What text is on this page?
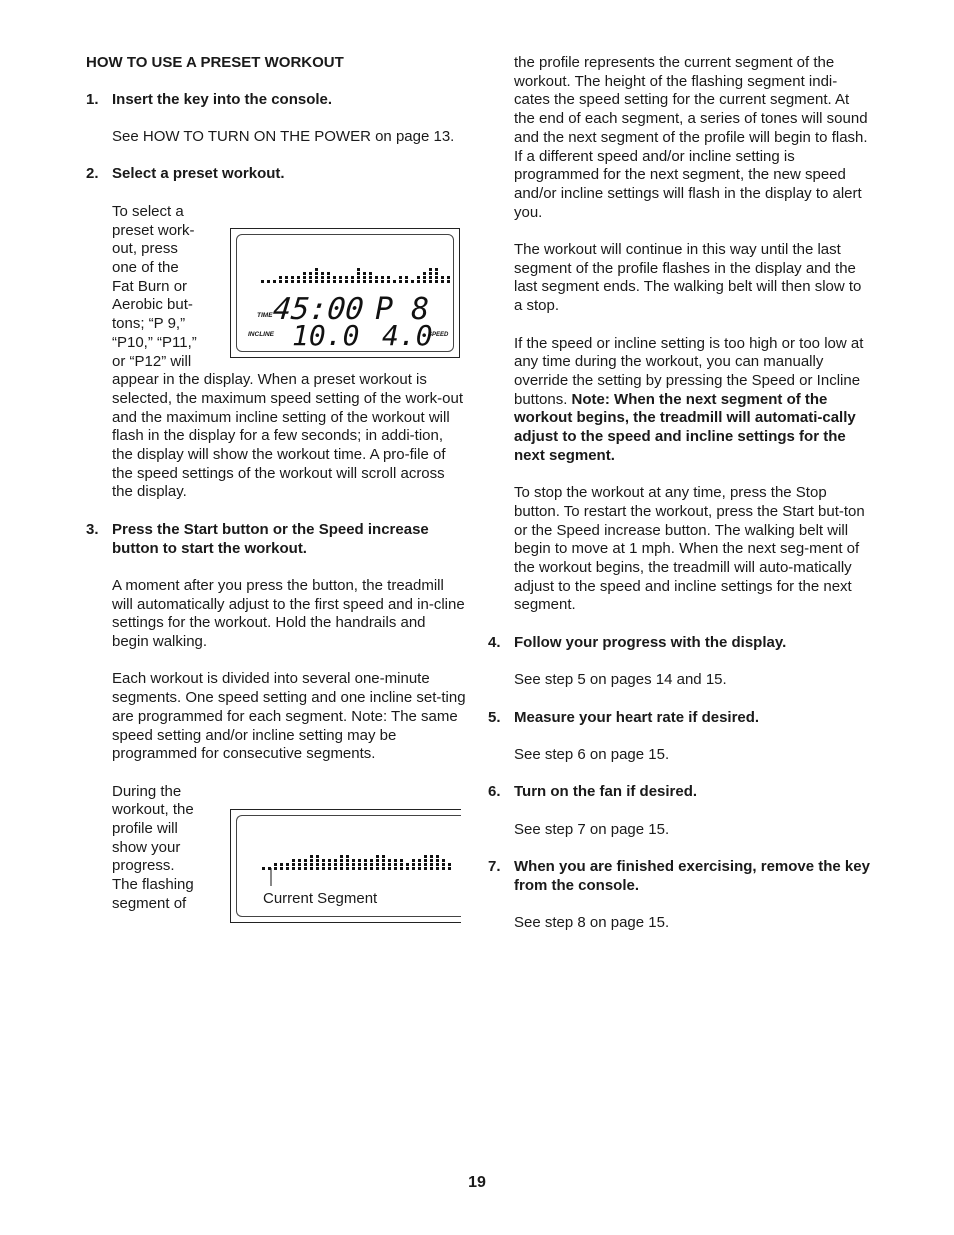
HOW TO USE A PRESET WORKOUT

1. Insert the key into the console.

See HOW TO TURN ON THE POWER on page 13.

2. Select a preset workout.
To select a
preset work-
out, press
one of the
Fat Burn or
Aerobic but-
tons; “P 9,”
“P10,” “P11,”
or “P12” will

appear in the display. When a preset workout is selected, the maximum speed setting of the work-out and the maximum incline setting of the workout will flash in the display for a few seconds; in addi-tion, the display will show the workout time. A pro-file of the speed settings of the workout will scroll across the display.

3. Press the Start button or the Speed increase button to start the workout.

A moment after you press the button, the treadmill will automatically adjust to the first speed and in-cline settings for the workout. Hold the handrails and begin walking.

Each workout is divided into several one-minute segments. One speed setting and one incline set-ting are programmed for each segment. Note: The same speed setting and/or incline setting may be programmed for consecutive segments.

During the
workout, the
profile will
show your
progress.
The flashing
segment of
TIME
INCLINE	SPEED
45:00 P 8
10.0 4.0
Current Segment

the profile represents the current segment of the workout. The height of the flashing segment indi-cates the speed setting for the current segment. At the end of each segment, a series of tones will sound and the next segment of the profile will begin to flash. If a different speed and/or incline setting is programmed for the next segment, the new speed and/or incline settings will flash in the display to alert you.

The workout will continue in this way until the last segment of the profile flashes in the display and the last segment ends. The walking belt will then slow to a stop.

If the speed or incline setting is too high or too low at any time during the workout, you can manually override the setting by pressing the Speed or Incline buttons. Note: When the next segment of the workout begins, the treadmill will automati-cally adjust to the speed and incline settings for the next segment.

To stop the workout at any time, press the Stop button. To restart the workout, press the Start but-ton or the Speed increase button. The walking belt will begin to move at 1 mph. When the next seg-ment of the workout begins, the treadmill will auto-matically adjust to the speed and incline settings for the next segment.

4. Follow your progress with the display.

See step 5 on pages 14 and 15.

5. Measure your heart rate if desired.

See step 6 on page 15.

6. Turn on the fan if desired.

See step 7 on page 15.

7. When you are finished exercising, remove the key from the console.

See step 8 on page 15.

19
